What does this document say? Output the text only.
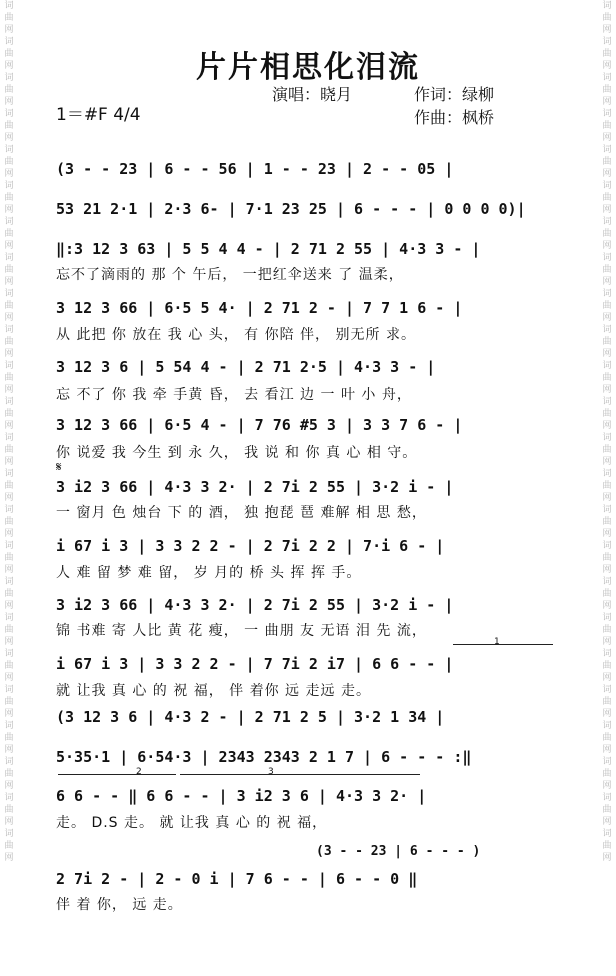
词 曲 网 词 曲 网 词 曲 网 词 曲 网 词 曲 网 词 曲 网 词 曲 网 词 曲 网 词 曲 网 词 曲 网 词 曲 网 词 曲 网 词 曲 网 词 曲 网 词 曲 网 词 曲 网 词 曲 网 词 曲 网 词 曲 网 词 曲 网 词 曲 网 词 曲 网 词 曲 网 词 曲 网
词 曲 网 词 曲 网 词 曲 网 词 曲 网 词 曲 网 词 曲 网 词 曲 网 词 曲 网 词 曲 网 词 曲 网 词 曲 网 词 曲 网 词 曲 网 词 曲 网 词 曲 网 词 曲 网 词 曲 网 词 曲 网 词 曲 网 词 曲 网 词 曲 网 词 曲 网 词 曲 网 词 曲 网
片片相思化泪流
1＝#F 4/4
演唱：晓月	作词：绿柳
作曲：枫桥
(3 - - 23 | 6 - - 56 | 1 - - 23 | 2 - - 05 |
53 21 2·1 | 2·3 6- | 7·1 23 25 | 6 - - - | 0 0 0 0)|
‖:3 12 3 63 | 5 5 4 4 - | 2 71 2 55 | 4·3 3 - |
忘不了滴雨的 那 个 午后， 一把红伞送来 了 温柔，
3 12 3 66 | 6·5 5 4· | 2 71 2 - | 7 7 1 6 - |
从 此把 你 放在 我 心 头， 有 你陪 伴， 别无所 求。
3 12 3 6 | 5 54 4 - | 2 71 2·5 | 4·3 3 - |
忘 不了 你 我 牵 手黄 昏， 去 看江 边 一 叶 小 舟，
3 12 3 66 | 6·5 4 - | 7 76 #5 3 | 3 3 7 6 - |
你 说爱 我 今生 到 永 久， 我 说 和 你 真 心 相 守。
𝄋
3 i2 3 66 | 4·3 3 2· | 2 7i 2 55 | 3·2 i - |
一 窗月 色 烛台 下 的 酒， 独 抱琵 琶 难解 相 思 愁，
i 67 i 3 | 3 3 2 2 - | 2 7i 2 2 | 7·i 6 - |
人 难 留 梦 难 留， 岁 月的 桥 头 挥 挥 手。
3 i2 3 66 | 4·3 3 2· | 2 7i 2 55 | 3·2 i - |
锦 书难 寄 人比 黄 花 瘦， 一 曲朋 友 无语 泪 先 流，
1
i 67 i 3 | 3 3 2 2 - | 7 7i 2 i7 | 6 6 - - |
就 让我 真 心 的 祝 福， 伴 着你 远 走远 走。
(3 12 3 6 | 4·3 2 - | 2 71 2 5 | 3·2 1 34 |
5·35·1 | 6·54·3 | 2343 2343 2 1 7 | 6 - - - :‖
2	3
6 6 - - ‖ 6 6 - - | 3 i2 3 6 | 4·3 3 2· |
走。 D.S 走。 就 让我 真 心 的 祝 福，
(3 - - 23 | 6 - - - )
2 7i 2 - | 2 - 0 i | 7 6 - - | 6 - - 0 ‖
伴 着 你， 远 走。
